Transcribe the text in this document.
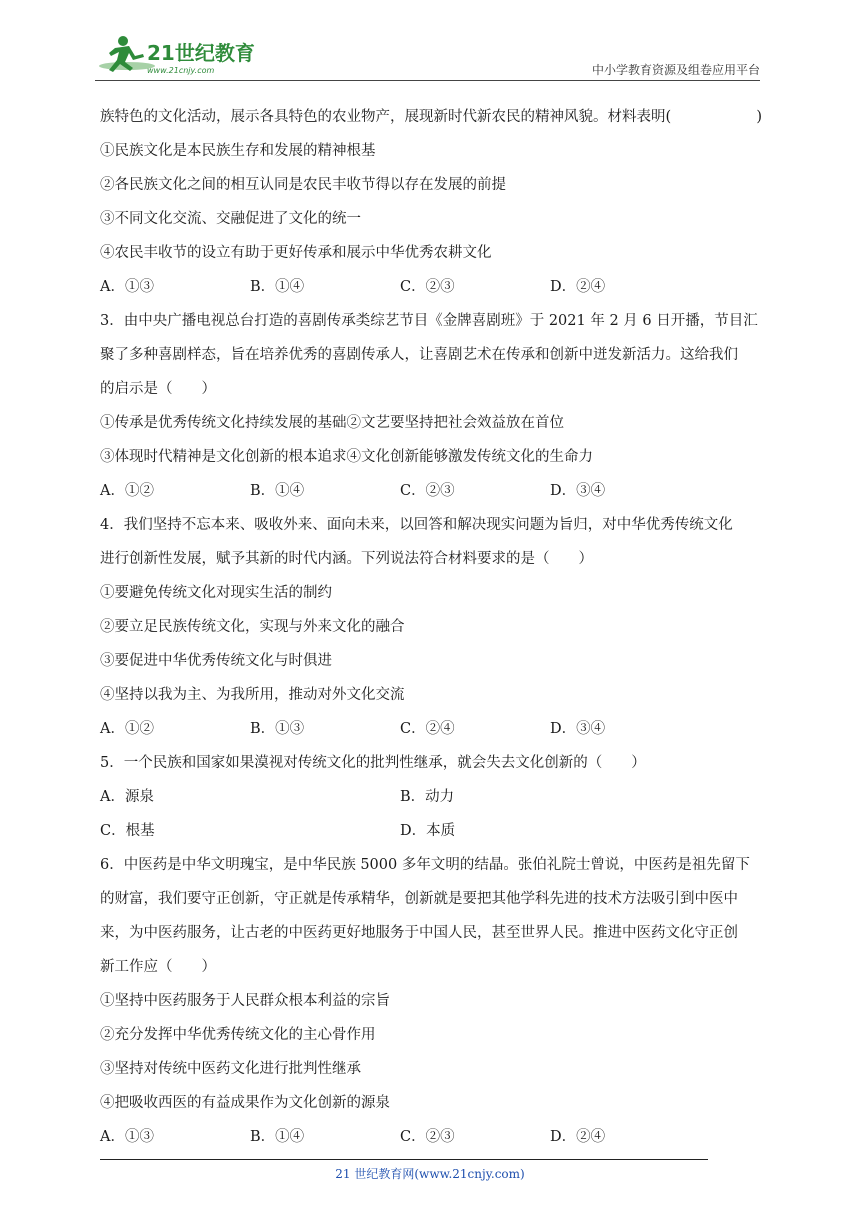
21世纪教育
www.21cnjy.com	中小学教育资源及组卷应用平台
族特色的文化活动，展示各具特色的农业物产，展现新时代新农民的精神风貌。材料表明(	)
①民族文化是本民族生存和发展的精神根基
②各民族文化之间的相互认同是农民丰收节得以存在发展的前提
③不同文化交流、交融促进了文化的统一
④农民丰收节的设立有助于更好传承和展示中华优秀农耕文化
A．①③	B．①④	C．②③	D．②④
3．由中央广播电视总台打造的喜剧传承类综艺节目《金牌喜剧班》于 2021 年 2 月 6 日开播，节目汇
聚了多种喜剧样态，旨在培养优秀的喜剧传承人，让喜剧艺术在传承和创新中迸发新活力。这给我们
的启示是（　　）
①传承是优秀传统文化持续发展的基础②文艺要坚持把社会效益放在首位
③体现时代精神是文化创新的根本追求④文化创新能够激发传统文化的生命力
A．①②	B．①④	C．②③	D．③④
4．我们坚持不忘本来、吸收外来、面向未来，以回答和解决现实问题为旨归，对中华优秀传统文化
进行创新性发展，赋予其新的时代内涵。下列说法符合材料要求的是（　　）
①要避免传统文化对现实生活的制约
②要立足民族传统文化，实现与外来文化的融合
③要促进中华优秀传统文化与时俱进
④坚持以我为主、为我所用，推动对外文化交流
A．①②	B．①③	C．②④	D．③④
5．一个民族和国家如果漠视对传统文化的批判性继承，就会失去文化创新的（　　）
A．源泉	B．动力
C．根基	D．本质
6．中医药是中华文明瑰宝，是中华民族 5000 多年文明的结晶。张伯礼院士曾说，中医药是祖先留下
的财富，我们要守正创新，守正就是传承精华，创新就是要把其他学科先进的技术方法吸引到中医中
来，为中医药服务，让古老的中医药更好地服务于中国人民，甚至世界人民。推进中医药文化守正创
新工作应（　　）
①坚持中医药服务于人民群众根本利益的宗旨
②充分发挥中华优秀传统文化的主心骨作用
③坚持对传统中医药文化进行批判性继承
④把吸收西医的有益成果作为文化创新的源泉
A．①③	B．①④	C．②③	D．②④
21 世纪教育网(www.21cnjy.com)
